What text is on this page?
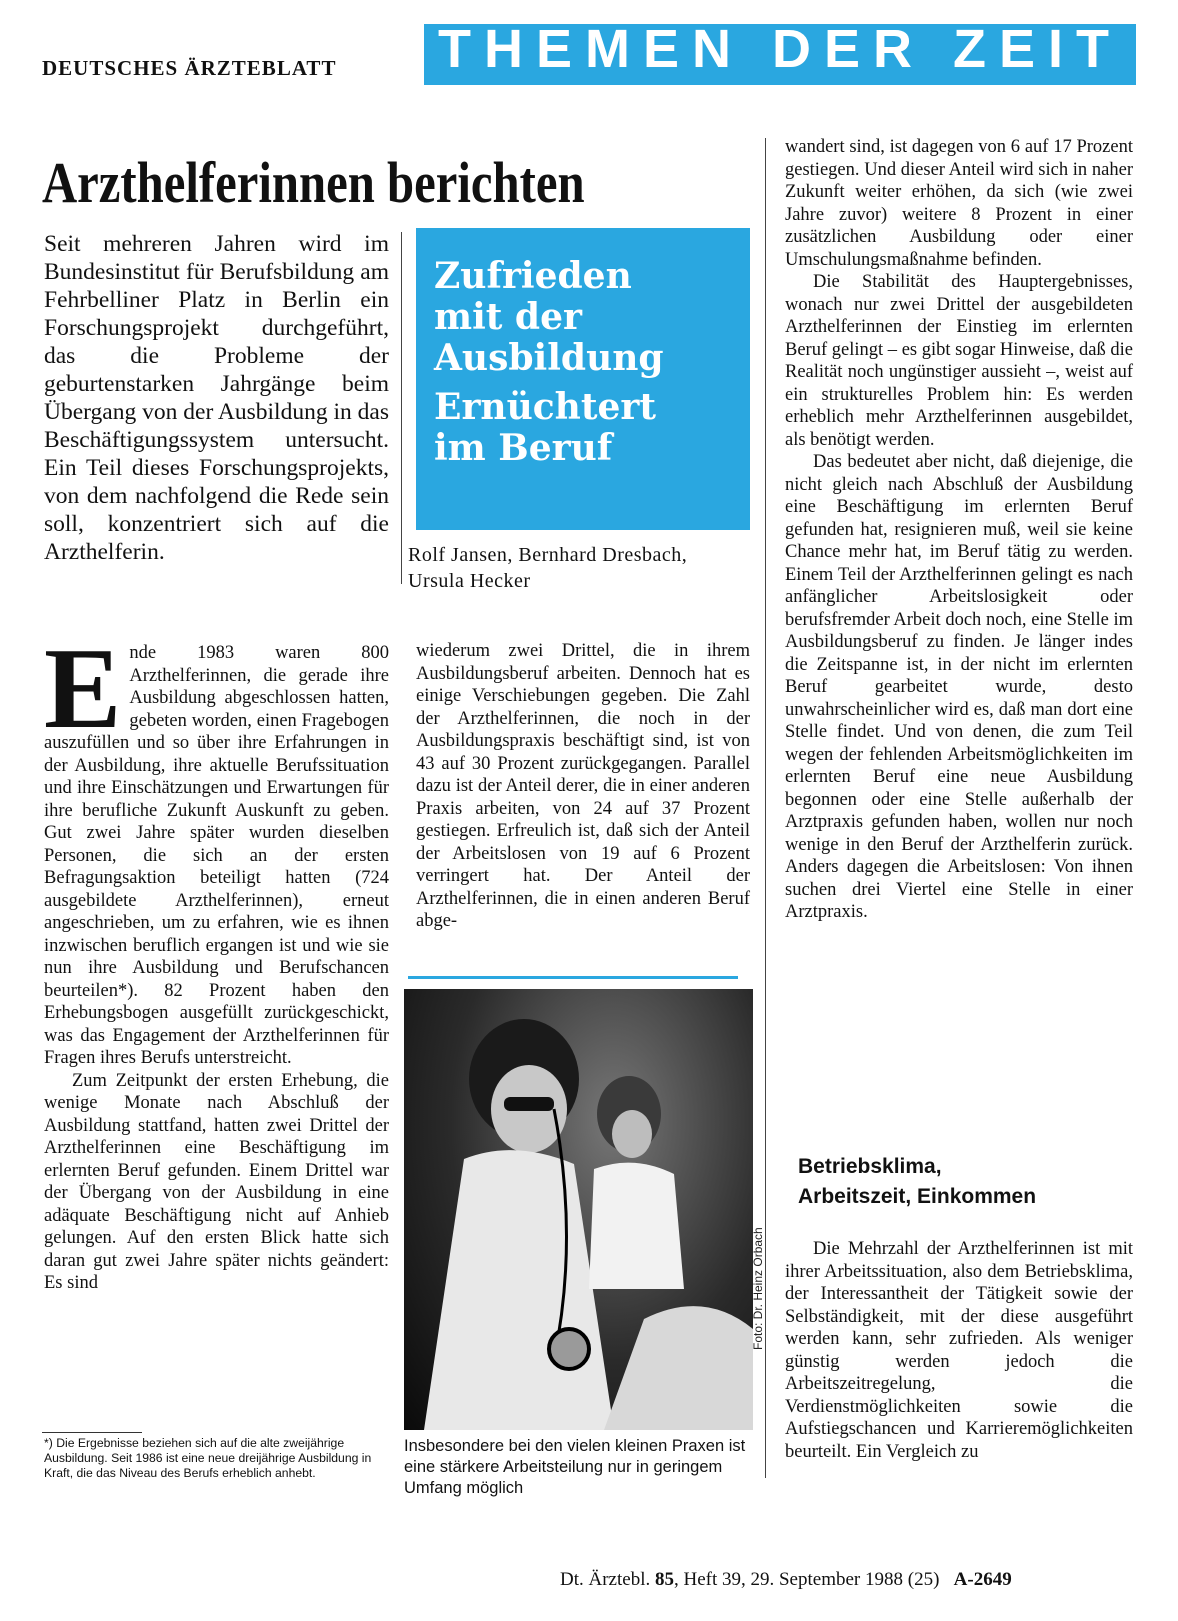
DEUTSCHES ÄRZTEBLATT THEMEN DER ZEIT
Arzthelferinnen berichten

Seit mehreren Jahren wird im Bundesinstitut für Berufsbildung am Fehrbelliner Platz in Berlin ein Forschungsprojekt durchgeführt, das die Probleme der geburtenstarken Jahrgänge beim Übergang von der Ausbildung in das Beschäftigungssystem untersucht. Ein Teil dieses Forschungsprojekts, von dem nachfolgend die Rede sein soll, konzentriert sich auf die Arzthelferin.

Zufrieden
mit der
Ausbildung
Ernüchtert
im Beruf
Rolf Jansen, Bernhard Dresbach,
Ursula Hecker

Ende 1983 waren 800 Arzthelferinnen, die gerade ihre Ausbildung abgeschlossen hatten, gebeten worden, einen Fragebogen auszufüllen und so über ihre Erfahrungen in der Ausbildung, ihre aktuelle Berufssituation und ihre Einschätzungen und Erwartungen für ihre berufliche Zukunft Auskunft zu geben. Gut zwei Jahre später wurden dieselben Personen, die sich an der ersten Befragungsaktion beteiligt hatten (724 ausgebildete Arzthelferinnen), erneut angeschrieben, um zu erfahren, wie es ihnen inzwischen beruflich ergangen ist und wie sie nun ihre Ausbildung und Berufschancen beurteilen*). 82 Prozent haben den Erhebungsbogen ausgefüllt zurückgeschickt, was das Engagement der Arzthelferinnen für Fragen ihres Berufs unterstreicht.

Zum Zeitpunkt der ersten Erhebung, die wenige Monate nach Abschluß der Ausbildung stattfand, hatten zwei Drittel der Arzthelferinnen eine Beschäftigung im erlernten Beruf gefunden. Einem Drittel war der Übergang von der Ausbildung in eine adäquate Beschäftigung nicht auf Anhieb gelungen. Auf den ersten Blick hatte sich daran gut zwei Jahre später nichts geändert: Es sind

wiederum zwei Drittel, die in ihrem Ausbildungsberuf arbeiten. Dennoch hat es einige Verschiebungen gegeben. Die Zahl der Arzthelferinnen, die noch in der Ausbildungspraxis beschäftigt sind, ist von 43 auf 30 Prozent zurückgegangen. Parallel dazu ist der Anteil derer, die in einer anderen Praxis arbeiten, von 24 auf 37 Prozent gestiegen. Erfreulich ist, daß sich der Anteil der Arbeitslosen von 19 auf 6 Prozent verringert hat. Der Anteil der Arzthelferinnen, die in einen anderen Beruf abge-

wandert sind, ist dagegen von 6 auf 17 Prozent gestiegen. Und dieser Anteil wird sich in naher Zukunft weiter erhöhen, da sich (wie zwei Jahre zuvor) weitere 8 Prozent in einer zusätzlichen Ausbildung oder einer Umschulungsmaßnahme befinden.

Die Stabilität des Hauptergebnisses, wonach nur zwei Drittel der ausgebildeten Arzthelferinnen der Einstieg im erlernten Beruf gelingt – es gibt sogar Hinweise, daß die Realität noch ungünstiger aussieht –, weist auf ein strukturelles Problem hin: Es werden erheblich mehr Arzthelferinnen ausgebildet, als benötigt werden.

Das bedeutet aber nicht, daß diejenige, die nicht gleich nach Abschluß der Ausbildung eine Beschäftigung im erlernten Beruf gefunden hat, resignieren muß, weil sie keine Chance mehr hat, im Beruf tätig zu werden. Einem Teil der Arzthelferinnen gelingt es nach anfänglicher Arbeitslosigkeit oder berufsfremder Arbeit doch noch, eine Stelle im Ausbildungsberuf zu finden. Je länger indes die Zeitspanne ist, in der nicht im erlernten Beruf gearbeitet wurde, desto unwahrscheinlicher wird es, daß man dort eine Stelle findet. Und von denen, die zum Teil wegen der fehlenden Arbeitsmöglichkeiten im erlernten Beruf eine neue Ausbildung begonnen oder eine Stelle außerhalb der Arztpraxis gefunden haben, wollen nur noch wenige in den Beruf der Arzthelferin zurück. Anders dagegen die Arbeitslosen: Von ihnen suchen drei Viertel eine Stelle in einer Arztpraxis.

Betriebsklima,
Arbeitszeit, Einkommen

Die Mehrzahl der Arzthelferinnen ist mit ihrer Arbeitssituation, also dem Betriebsklima, der Interessantheit der Tätigkeit sowie der Selbständigkeit, mit der diese ausgeführt werden kann, sehr zufrieden. Als weniger günstig werden jedoch die Arbeitszeitregelung, die Verdienstmöglichkeiten sowie die Aufstiegschancen und Karrieremöglichkeiten beurteilt. Ein Vergleich zu

Foto: Dr. Heinz Orbach
Insbesondere bei den vielen kleinen Praxen ist eine stärkere Arbeitsteilung nur in geringem Umfang möglich
*) Die Ergebnisse beziehen sich auf die alte zweijährige Ausbildung. Seit 1986 ist eine neue dreijährige Ausbildung in Kraft, die das Niveau des Berufs erheblich anhebt.
Dt. Ärztebl. 85, Heft 39, 29. September 1988 (25) A-2649
